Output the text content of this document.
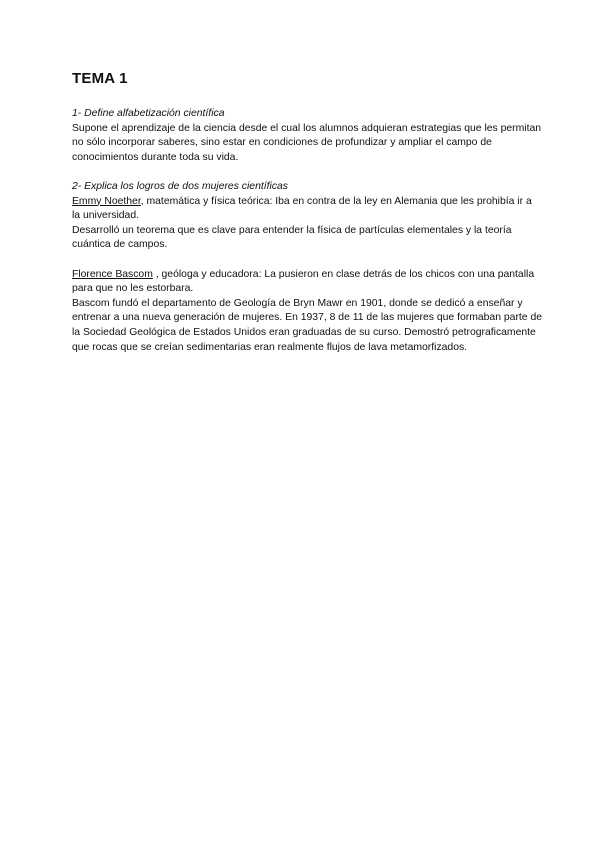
TEMA 1

1- Define alfabetización científica

Supone el aprendizaje de la ciencia desde el cual los alumnos adquieran estrategias que les permitan no sólo incorporar saberes, sino estar en condiciones de profundizar y ampliar el campo de conocimientos durante toda su vida.

2- Explica los logros de dos mujeres científicas

Emmy Noether, matemática y física teórica: Iba en contra de la ley en Alemania que les prohibía ir a la universidad.

Desarrolló un teorema que es clave para entender la física de partículas elementales y la teoría cuántica de campos.

Florence Bascom , geóloga y educadora: La pusieron en clase detrás de los chicos con una pantalla para que no les estorbara.

Bascom fundó el departamento de Geología de Bryn Mawr en 1901, donde se dedicó a enseñar y entrenar a una nueva generación de mujeres. En 1937, 8 de 11 de las mujeres que formaban parte de la Sociedad Geológica de Estados Unidos eran graduadas de su curso. Demostró petrograficamente que rocas que se creían sedimentarias eran realmente flujos de lava metamorfizados.
